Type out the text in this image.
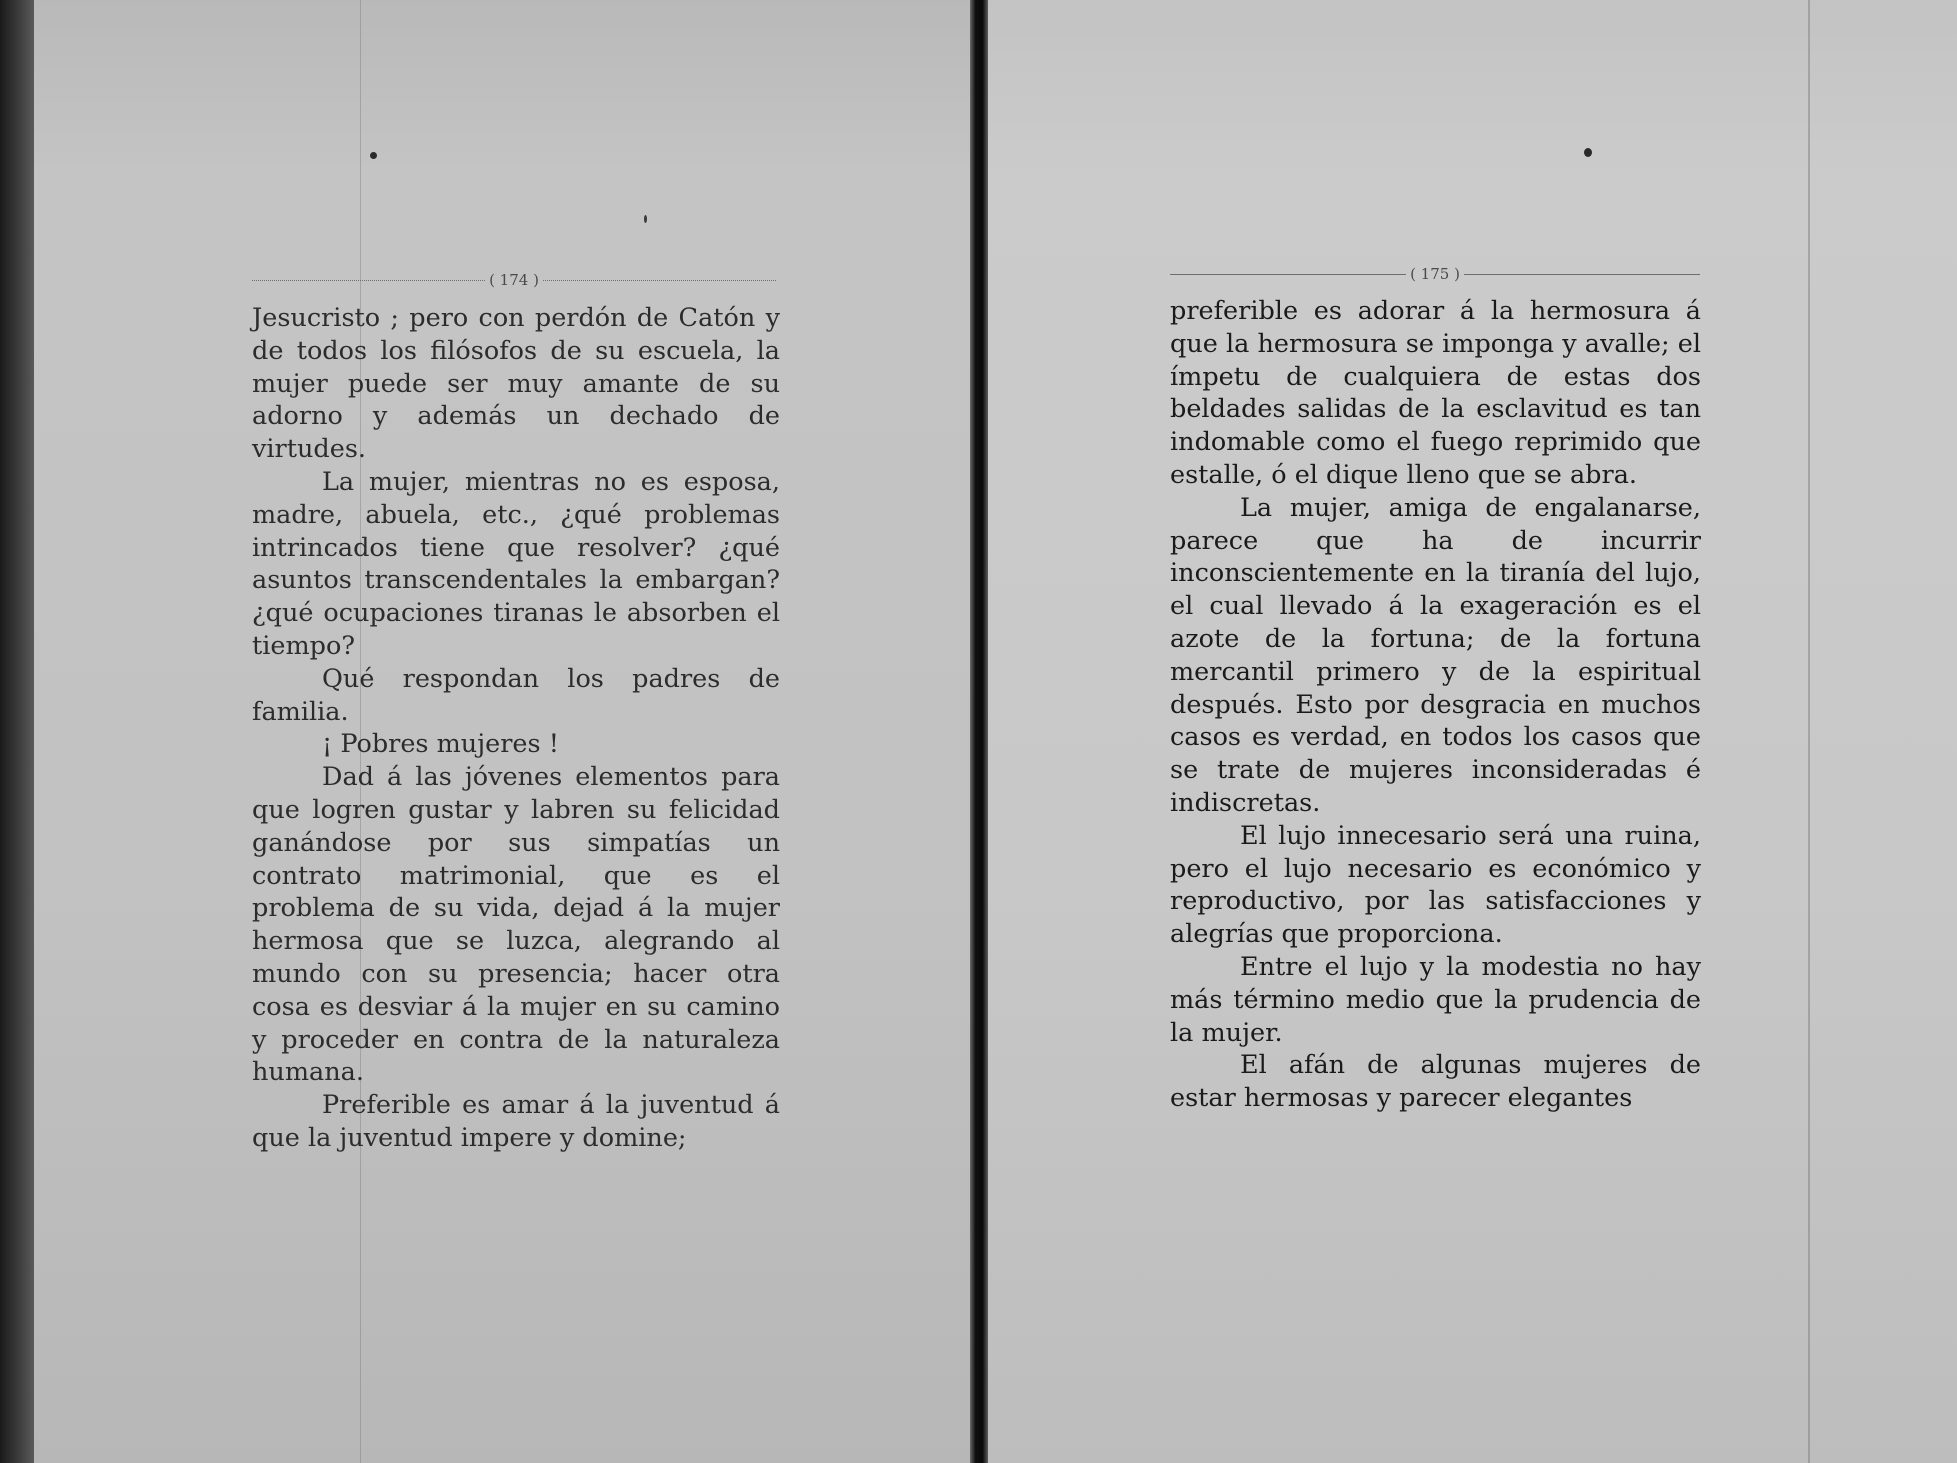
( 174 )

Jesucristo ; pero con perdón de Catón y de todos los filósofos de su escuela, la mujer puede ser muy amante de su adorno y además un dechado de virtudes.

La mujer, mientras no es esposa, madre, abuela, etc., ¿qué problemas intrincados tiene que resolver? ¿qué asuntos transcendentales la embargan? ¿qué ocupaciones tiranas le absorben el tiempo?

Qué respondan los padres de familia.

¡ Pobres mujeres !

Dad á las jóvenes elementos para que logren gustar y labren su felicidad ganándose por sus simpatías un contrato matrimonial, que es el problema de su vida, dejad á la mujer hermosa que se luzca, alegrando al mundo con su presencia; hacer otra cosa es desviar á la mujer en su camino y proceder en contra de la naturaleza humana.

Preferible es amar á la juventud á que la juventud impere y domine;

( 175 )

preferible es adorar á la hermosura á que la hermosura se imponga y avalle; el ímpetu de cualquiera de estas dos beldades salidas de la esclavitud es tan indomable como el fuego reprimido que estalle, ó el dique lleno que se abra.

La mujer, amiga de engalanarse, parece que ha de incurrir inconscientemente en la tiranía del lujo, el cual llevado á la exageración es el azote de la fortuna; de la fortuna mercantil primero y de la espiritual después. Esto por desgracia en muchos casos es verdad, en todos los casos que se trate de mujeres inconsideradas é indiscretas.

El lujo innecesario será una ruina, pero el lujo necesario es económico y reproductivo, por las satisfacciones y alegrías que proporciona.

Entre el lujo y la modestia no hay más término medio que la prudencia de la mujer.

El afán de algunas mujeres de estar hermosas y parecer elegantes
